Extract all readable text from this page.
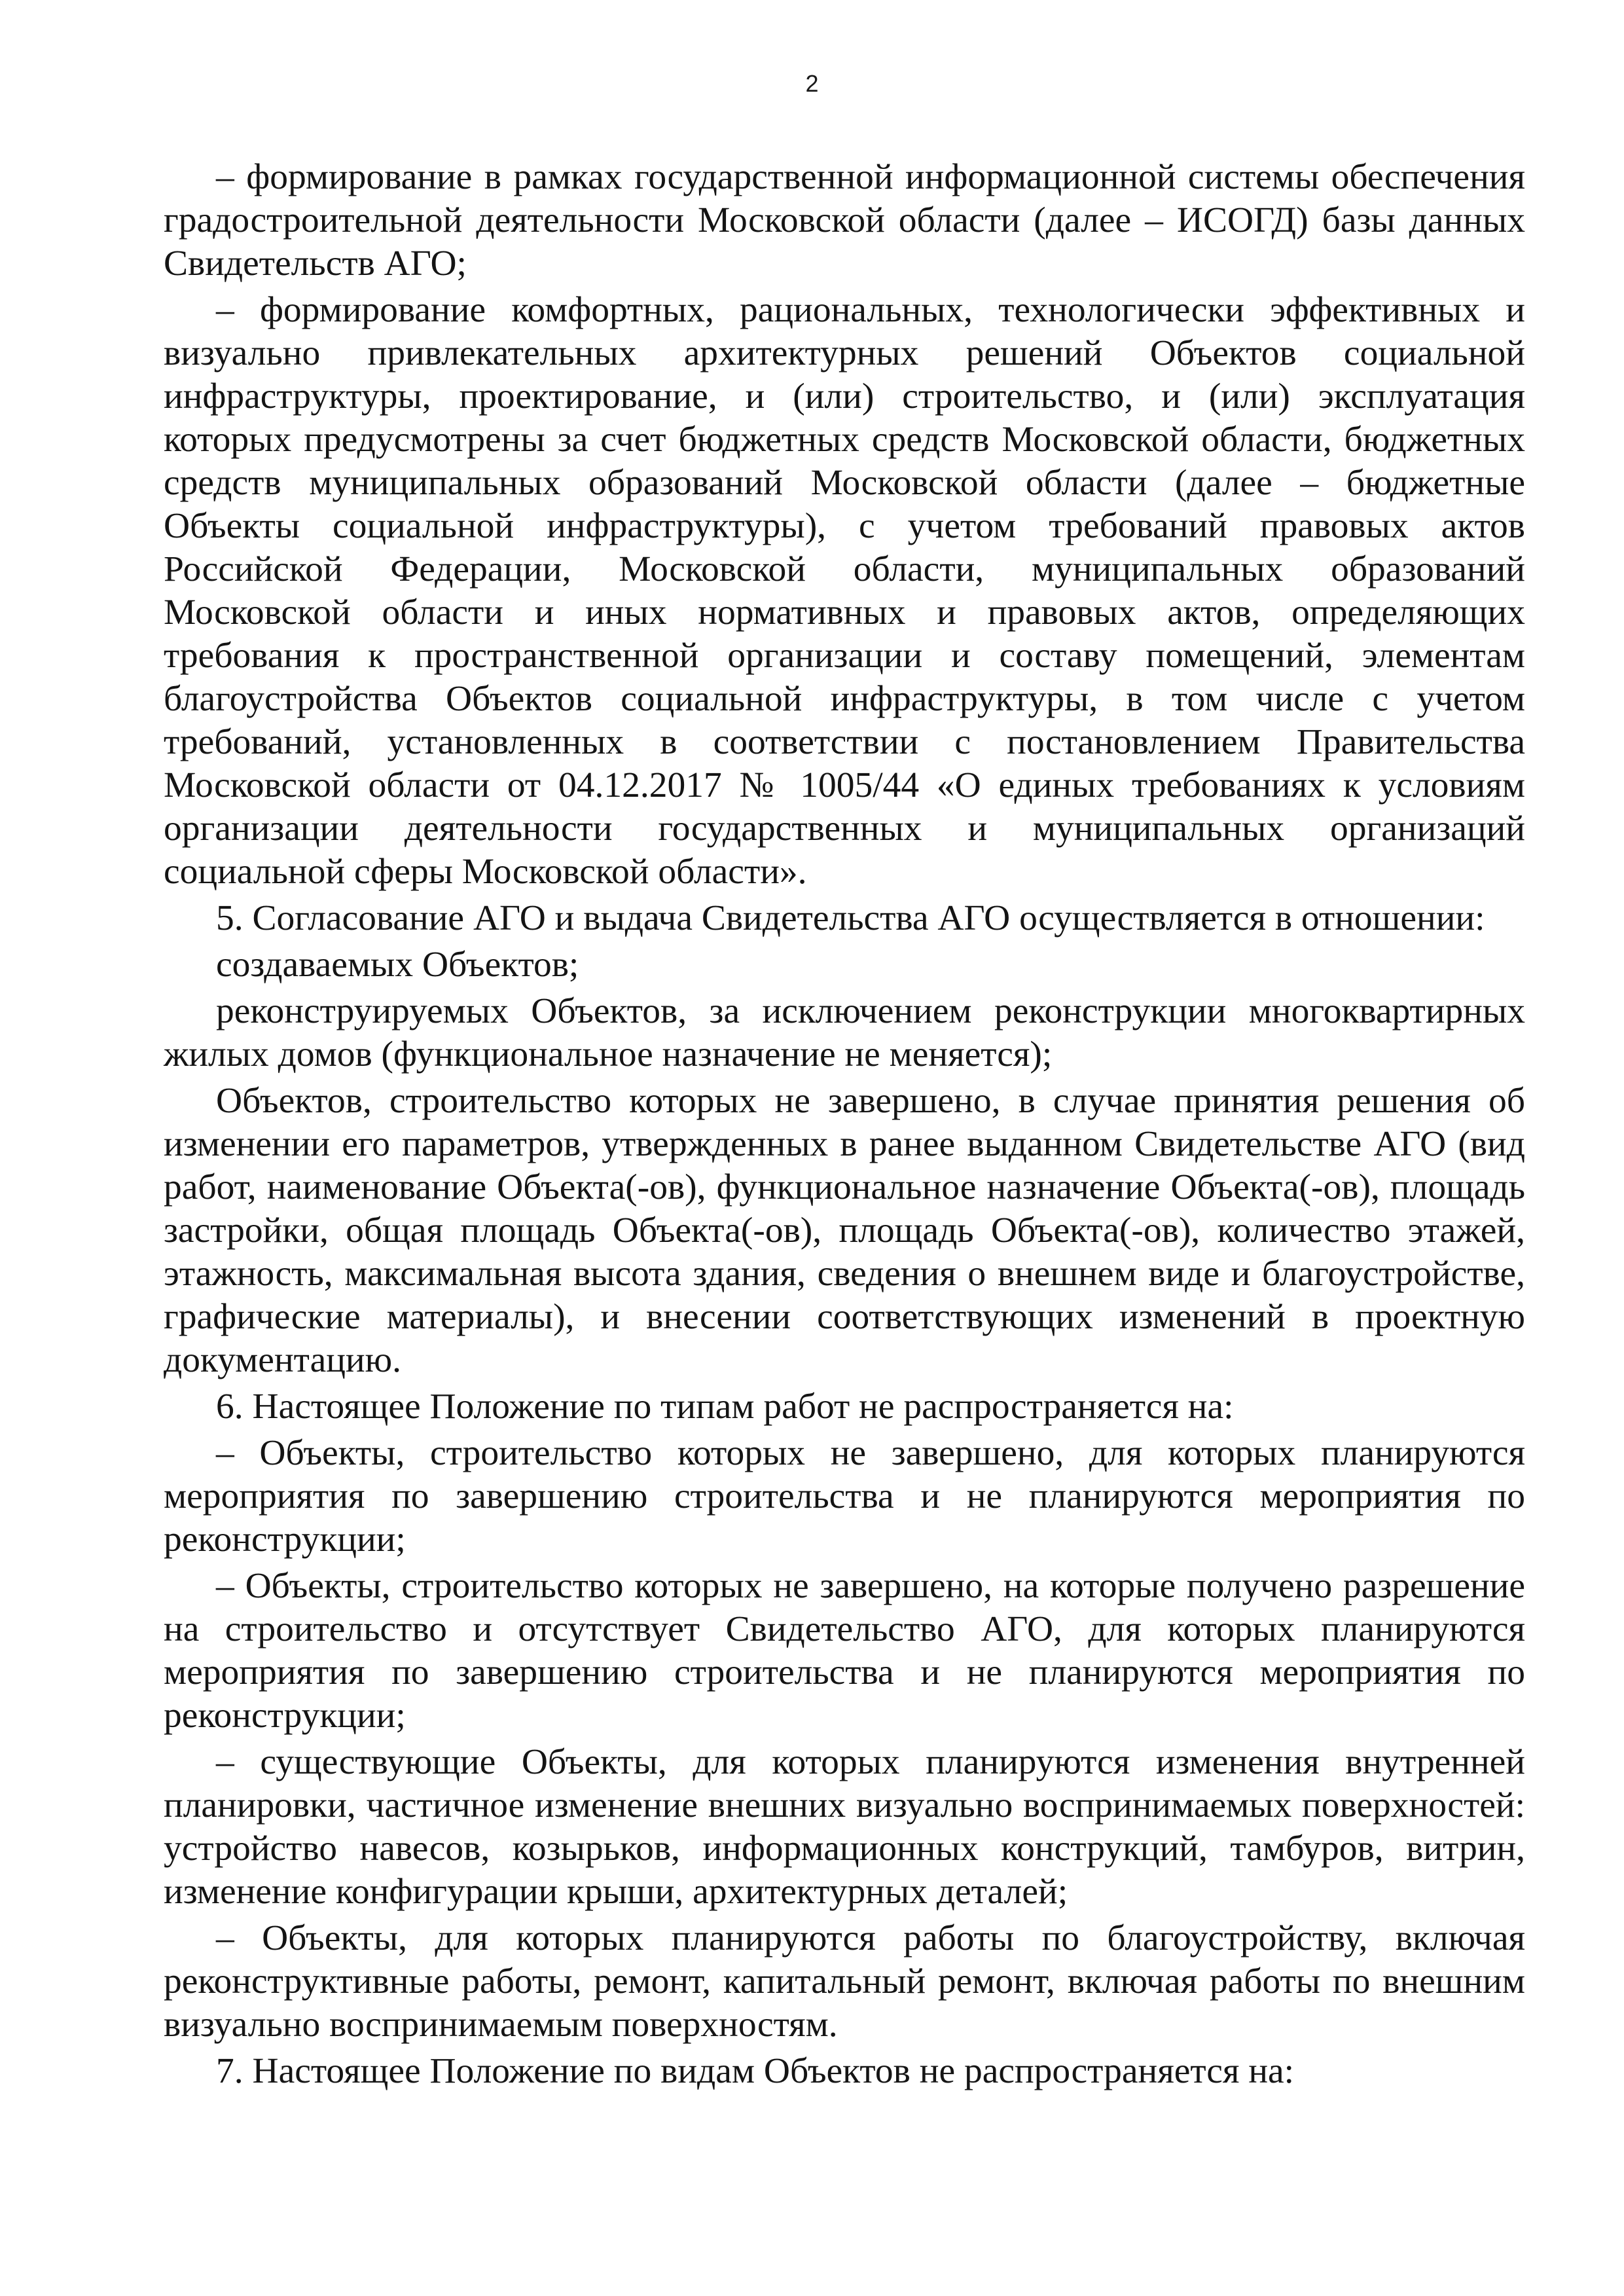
2

– формирование в рамках государственной информационной системы обеспечения градостроительной деятельности Московской области (далее – ИСОГД) базы данных Свидетельств АГО;

– формирование комфортных, рациональных, технологически эффективных и визуально привлекательных архитектурных решений Объектов социальной инфраструктуры, проектирование, и (или) строительство, и (или) эксплуатация которых предусмотрены за счет бюджетных средств Московской области, бюджетных средств муниципальных образований Московской области (далее – бюджетные Объекты социальной инфраструктуры), с учетом требований правовых актов Российской Федерации, Московской области, муниципальных образований Московской области и иных нормативных и правовых актов, определяющих требования к пространственной организации и составу помещений, элементам благоустройства Объектов социальной инфраструктуры, в том числе с учетом требований, установленных в соответствии с постановлением Правительства Московской области от 04.12.2017 № 1005/44 «О единых требованиях к условиям организации деятельности государственных и муниципальных организаций социальной сферы Московской области».

5. Согласование АГО и выдача Свидетельства АГО осуществляется в отношении:

создаваемых Объектов;

реконструируемых Объектов, за исключением реконструкции многоквартирных жилых домов (функциональное назначение не меняется);

Объектов, строительство которых не завершено, в случае принятия решения об изменении его параметров, утвержденных в ранее выданном Свидетельстве АГО (вид работ, наименование Объекта(-ов), функциональное назначение Объекта(-ов), площадь застройки, общая площадь Объекта(-ов), площадь Объекта(-ов), количество этажей, этажность, максимальная высота здания, сведения о внешнем виде и благоустройстве, графические материалы), и внесении соответствующих изменений в проектную документацию.

6. Настоящее Положение по типам работ не распространяется на:

– Объекты, строительство которых не завершено, для которых планируются мероприятия по завершению строительства и не планируются мероприятия по реконструкции;

– Объекты, строительство которых не завершено, на которые получено разрешение на строительство и отсутствует Свидетельство АГО, для которых планируются мероприятия по завершению строительства и не планируются мероприятия по реконструкции;

– существующие Объекты, для которых планируются изменения внутренней планировки, частичное изменение внешних визуально воспринимаемых поверхностей: устройство навесов, козырьков, информационных конструкций, тамбуров, витрин, изменение конфигурации крыши, архитектурных деталей;

– Объекты, для которых планируются работы по благоустройству, включая реконструктивные работы, ремонт, капитальный ремонт, включая работы по внешним визуально воспринимаемым поверхностям.

7. Настоящее Положение по видам Объектов не распространяется на:
